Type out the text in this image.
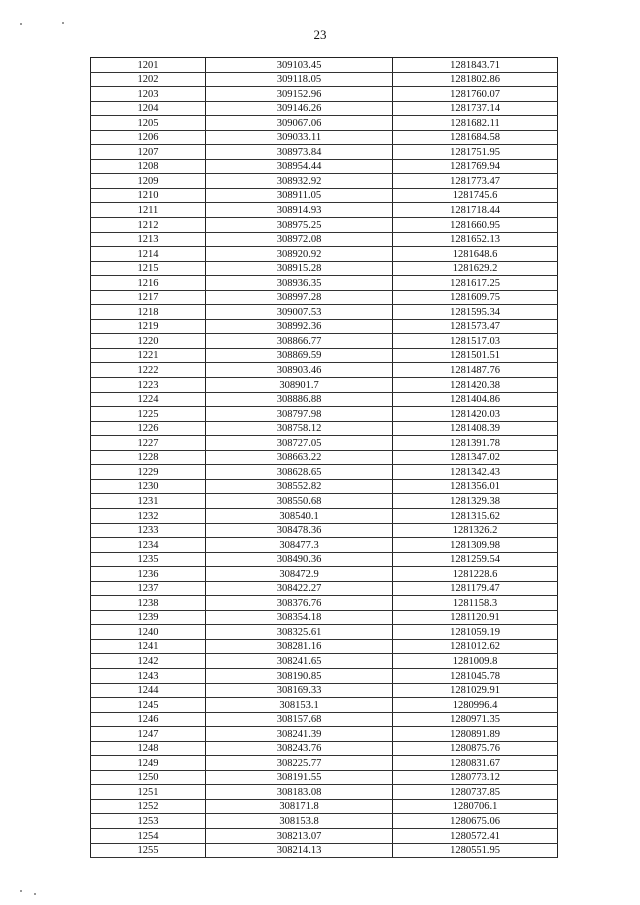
23
1201	309103.45	1281843.71
1202	309118.05	1281802.86
1203	309152.96	1281760.07
1204	309146.26	1281737.14
1205	309067.06	1281682.11
1206	309033.11	1281684.58
1207	308973.84	1281751.95
1208	308954.44	1281769.94
1209	308932.92	1281773.47
1210	308911.05	1281745.6
1211	308914.93	1281718.44
1212	308975.25	1281660.95
1213	308972.08	1281652.13
1214	308920.92	1281648.6
1215	308915.28	1281629.2
1216	308936.35	1281617.25
1217	308997.28	1281609.75
1218	309007.53	1281595.34
1219	308992.36	1281573.47
1220	308866.77	1281517.03
1221	308869.59	1281501.51
1222	308903.46	1281487.76
1223	308901.7	1281420.38
1224	308886.88	1281404.86
1225	308797.98	1281420.03
1226	308758.12	1281408.39
1227	308727.05	1281391.78
1228	308663.22	1281347.02
1229	308628.65	1281342.43
1230	308552.82	1281356.01
1231	308550.68	1281329.38
1232	308540.1	1281315.62
1233	308478.36	1281326.2
1234	308477.3	1281309.98
1235	308490.36	1281259.54
1236	308472.9	1281228.6
1237	308422.27	1281179.47
1238	308376.76	1281158.3
1239	308354.18	1281120.91
1240	308325.61	1281059.19
1241	308281.16	1281012.62
1242	308241.65	1281009.8
1243	308190.85	1281045.78
1244	308169.33	1281029.91
1245	308153.1	1280996.4
1246	308157.68	1280971.35
1247	308241.39	1280891.89
1248	308243.76	1280875.76
1249	308225.77	1280831.67
1250	308191.55	1280773.12
1251	308183.08	1280737.85
1252	308171.8	1280706.1
1253	308153.8	1280675.06
1254	308213.07	1280572.41
1255	308214.13	1280551.95
